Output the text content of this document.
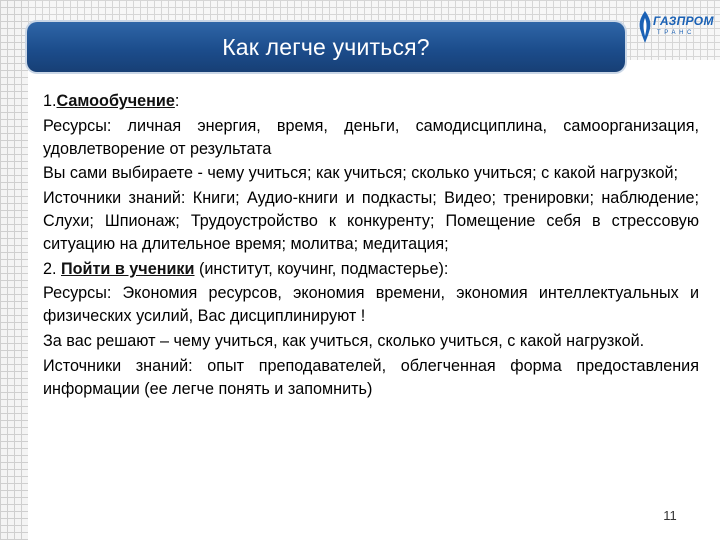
Как легче учиться?
ГАЗПРОМ
ТРАНС

1.Самообучение:

Ресурсы: личная энергия, время, деньги, самодисциплина, самоорганизация, удовлетворение от результата

Вы сами выбираете - чему учиться; как учиться; сколько учиться; с какой нагрузкой;

Источники знаний: Книги; Аудио-книги и подкасты; Видео; тренировки; наблюдение; Слухи; Шпионаж; Трудоустройство к конкуренту; Помещение себя в стрессовую ситуацию на длительное время; молитва; медитация;

2. Пойти в ученики (институт, коучинг, подмастерье):

Ресурсы: Экономия ресурсов, экономия времени, экономия интеллектуальных и физических усилий, Вас дисциплинируют !

За вас решают – чему учиться, как учиться, сколько учиться, с какой нагрузкой.

Источники знаний: опыт преподавателей, облегченная форма предоставления информации (ее легче понять и запомнить)

11
